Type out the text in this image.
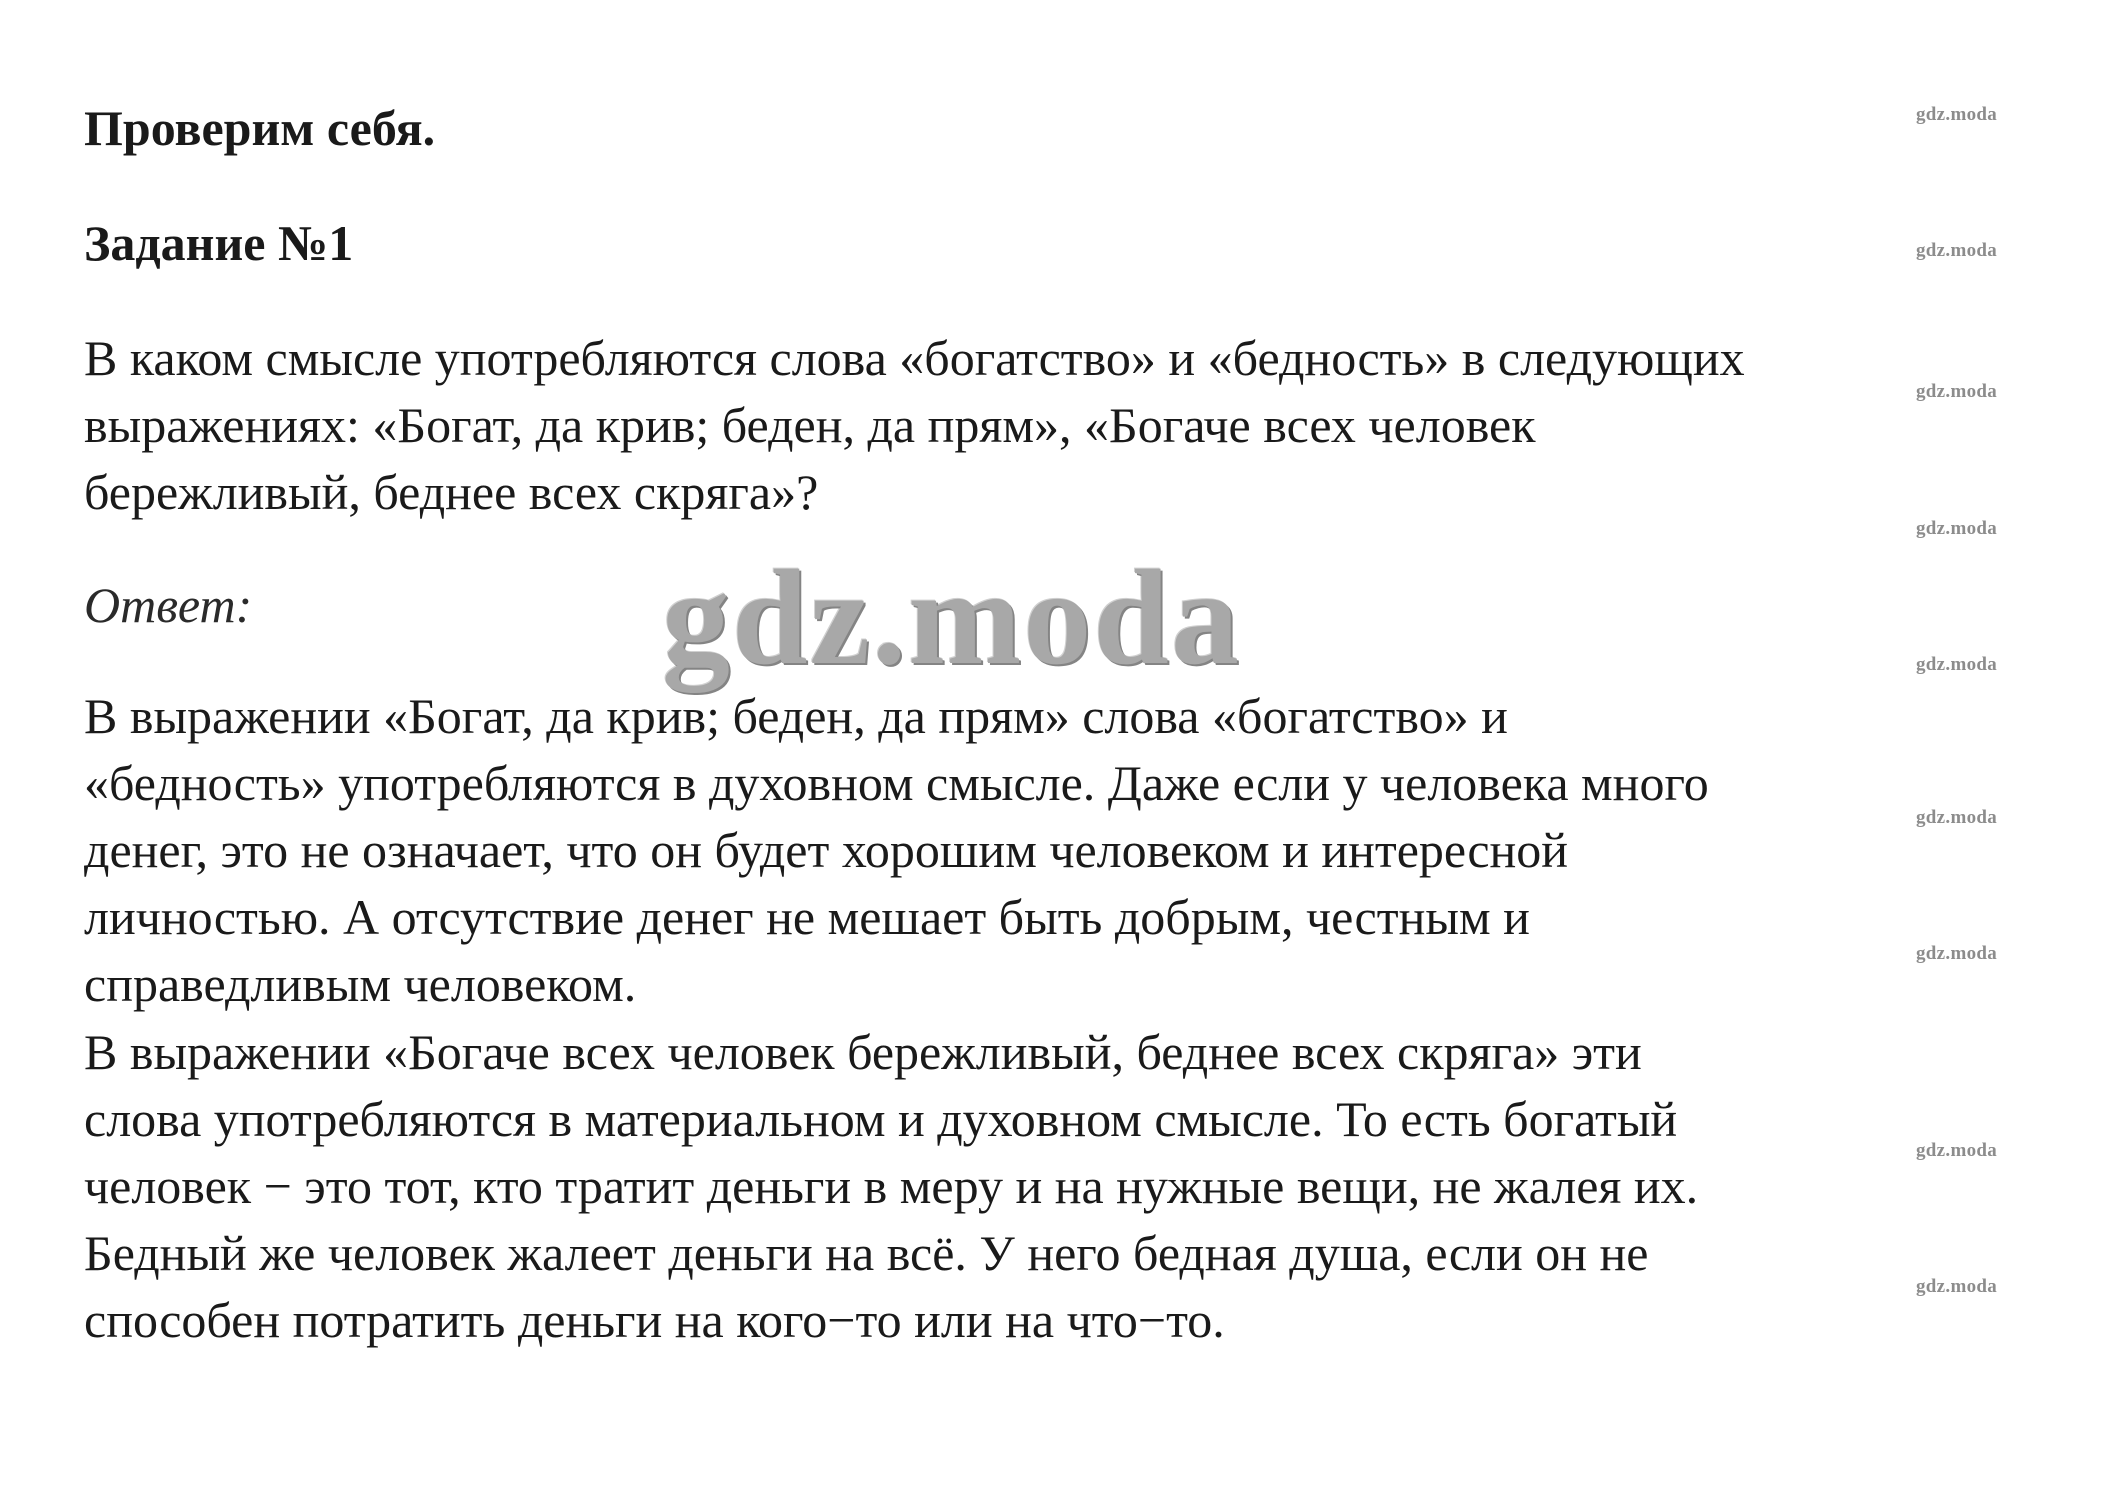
Проверим себя.
Задание №1

В каком смысле употребляются слова «богатство» и «бедность» в следующих
выражениях: «Богат, да крив; беден, да прям», «Богаче всех человек
бережливый, беднее всех скряга»?

Ответ:	gdz.moda

В выражении «Богат, да крив; беден, да прям» слова «богатство» и
«бедность» употребляются в духовном смысле. Даже если у человека много
денег, это не означает, что он будет хорошим человеком и интересной
личностью. А отсутствие денег не мешает быть добрым, честным и
справедливым человеком.

В выражении «Богаче всех человек бережливый, беднее всех скряга» эти
слова употребляются в материальном и духовном смысле. То есть богатый
человек − это тот, кто тратит деньги в меру и на нужные вещи, не жалея их.
Бедный же человек жалеет деньги на всё. У него бедная душа, если он не
способен потратить деньги на кого−то или на что−то.

gdz.moda
gdz.moda
gdz.moda
gdz.moda
gdz.moda
gdz.moda
gdz.moda
gdz.moda
gdz.moda
